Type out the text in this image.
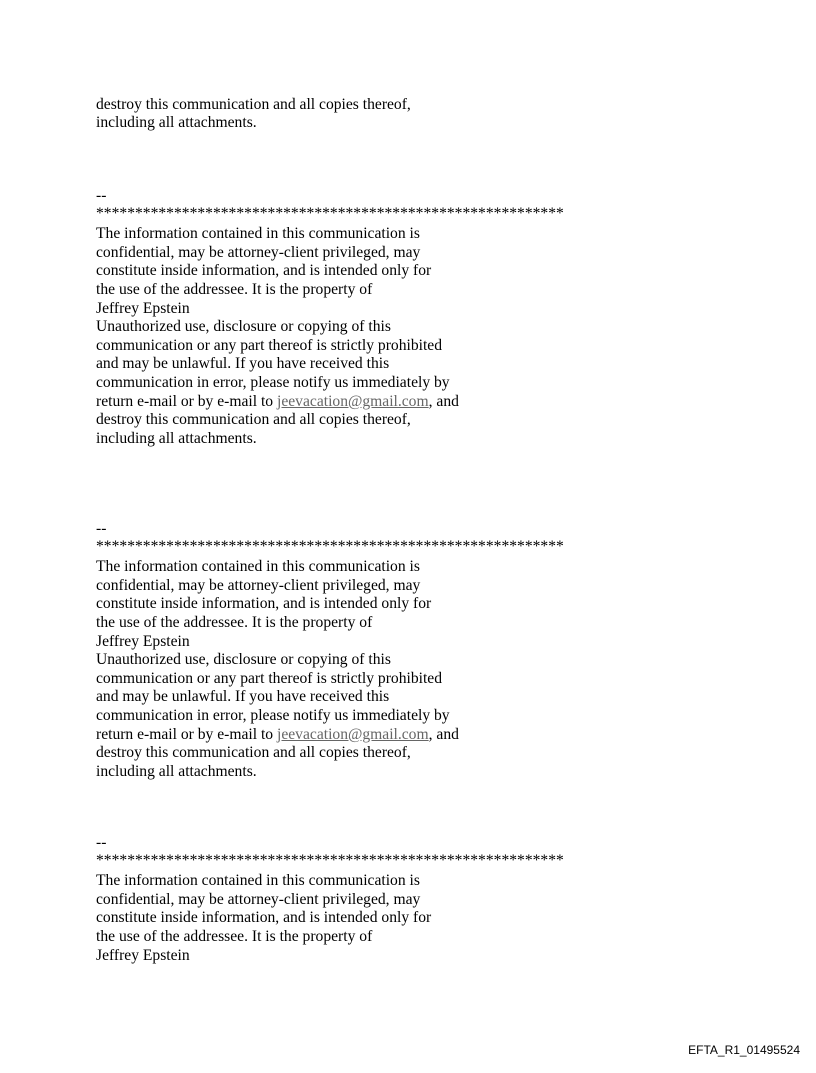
destroy this communication and all copies thereof,
including all attachments.
--
************************************************************
The information contained in this communication is
confidential, may be attorney-client privileged, may
constitute inside information, and is intended only for
the use of the addressee. It is the property of
Jeffrey Epstein
Unauthorized use, disclosure or copying of this
communication or any part thereof is strictly prohibited
and may be unlawful. If you have received this
communication in error, please notify us immediately by
return e-mail or by e-mail to jeevacation@gmail.com, and
destroy this communication and all copies thereof,
including all attachments.
--
************************************************************
The information contained in this communication is
confidential, may be attorney-client privileged, may
constitute inside information, and is intended only for
the use of the addressee. It is the property of
Jeffrey Epstein
Unauthorized use, disclosure or copying of this
communication or any part thereof is strictly prohibited
and may be unlawful. If you have received this
communication in error, please notify us immediately by
return e-mail or by e-mail to jeevacation@gmail.com, and
destroy this communication and all copies thereof,
including all attachments.
--
************************************************************
The information contained in this communication is
confidential, may be attorney-client privileged, may
constitute inside information, and is intended only for
the use of the addressee. It is the property of
Jeffrey Epstein
EFTA_R1_01495524
